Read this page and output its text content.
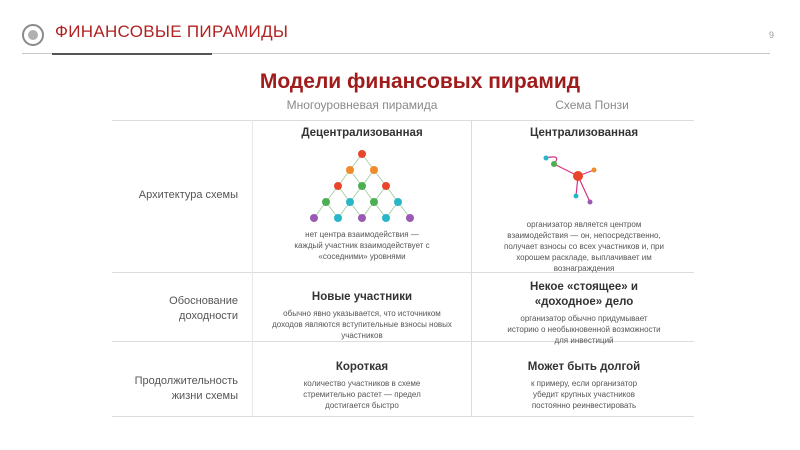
ФИНАНСОВЫЕ ПИРАМИДЫ	9
Модели финансовых пирамид
Многоуровневая пирамида	Схема Понзи
Архитектура схемы
Децентрализованная
нет центра взаимодействия — каждый участник взаимодействует с «соседними» уровнями
Централизованная
организатор является центром взаимодействия — он, непосредственно, получает взносы со всех участников и, при хорошем раскладе, выплачивает им вознаграждения
Обоснование доходности
Новые участники
обычно явно указывается, что источником доходов являются вступительные взносы новых участников
Некое «стоящее» и «доходное» дело
организатор обычно придумывает историю о необыкновенной возможности для инвестиций
Продолжительность жизни схемы
Короткая
количество участников в схеме стремительно растет — предел достигается быстро
Может быть долгой
к примеру, если организатор убедит крупных участников постоянно реинвестировать
